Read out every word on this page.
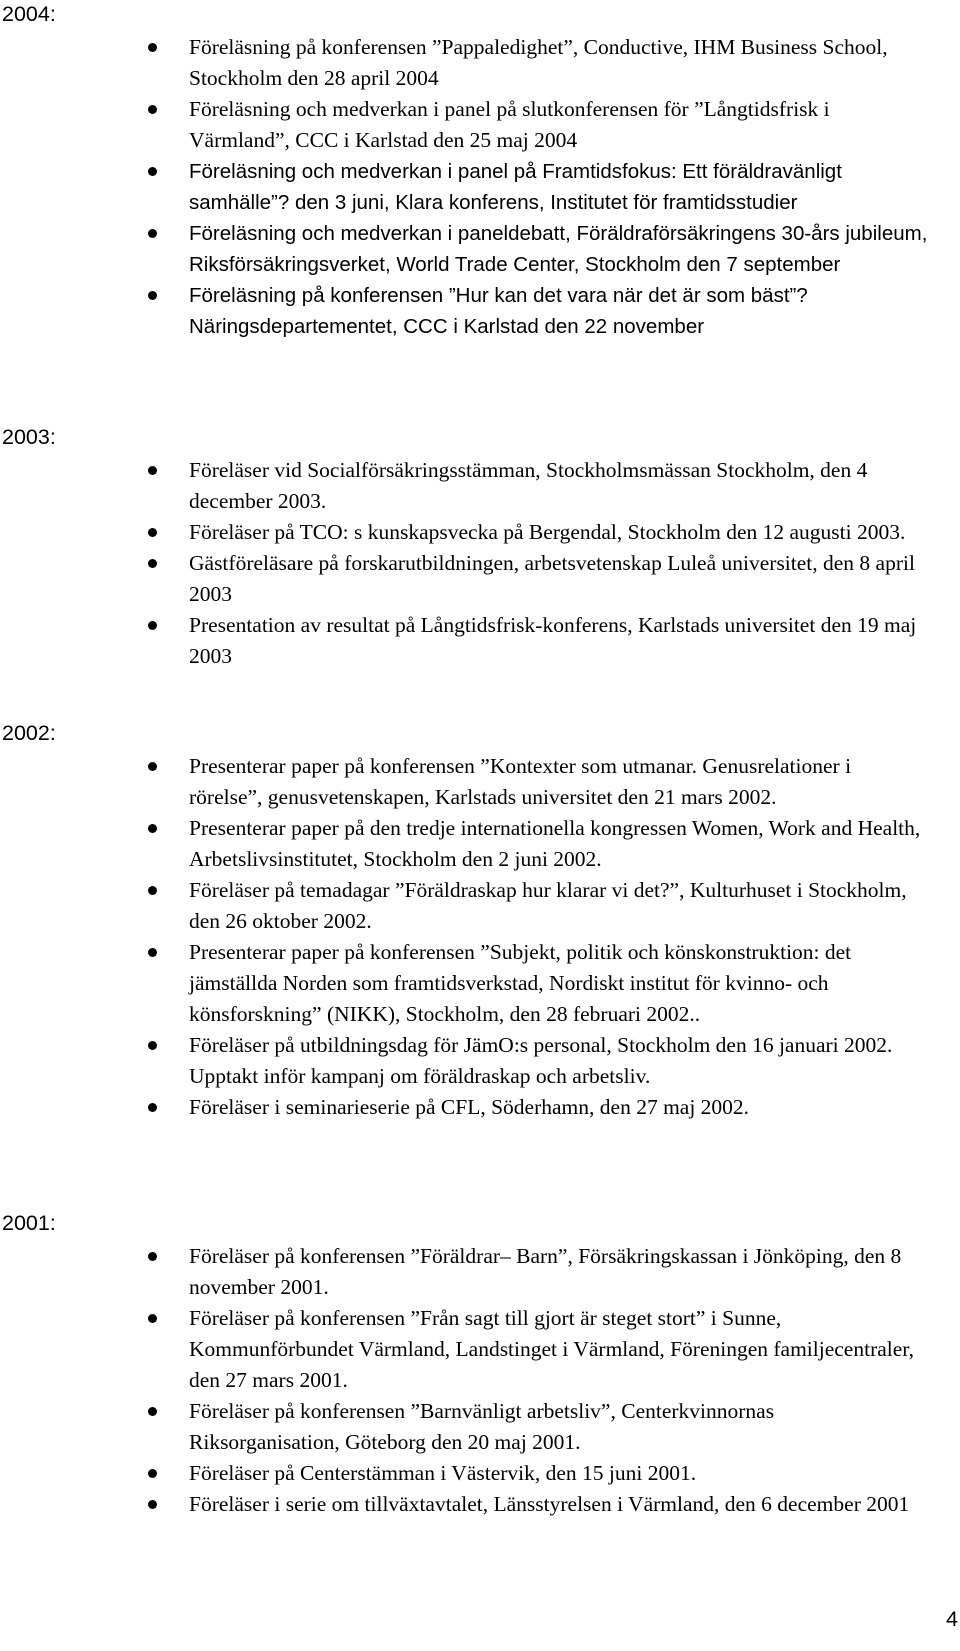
2004:

Föreläsning på konferensen ”Pappaledighet”, Conductive, IHM Business School, Stockholm den 28 april 2004
Föreläsning och medverkan i panel på slutkonferensen för ”Långtidsfrisk i Värmland”, CCC i Karlstad den 25 maj 2004
Föreläsning och medverkan i panel på Framtidsfokus: Ett föräldravänligt samhälle”? den 3 juni, Klara konferens, Institutet för framtidsstudier
Föreläsning och medverkan i paneldebatt, Föräldraförsäkringens 30-års jubileum, Riksförsäkringsverket, World Trade Center, Stockholm den 7 september
Föreläsning på konferensen ”Hur kan det vara när det är som bäst”? Näringsdepartementet, CCC i Karlstad den 22 november

2003:

Föreläser vid Socialförsäkringsstämman, Stockholmsmässan Stockholm, den 4 december 2003.
Föreläser på TCO: s kunskapsvecka på Bergendal, Stockholm den 12 augusti 2003.
Gästföreläsare på forskarutbildningen, arbetsvetenskap Luleå universitet, den 8 april 2003
Presentation av resultat på Långtidsfrisk-konferens, Karlstads universitet den 19 maj 2003

2002:

Presenterar paper på konferensen ”Kontexter som utmanar. Genusrelationer i rörelse”, genusvetenskapen, Karlstads universitet den 21 mars 2002.
Presenterar paper på den tredje internationella kongressen Women, Work and Health, Arbetslivsinstitutet, Stockholm den 2 juni 2002.
Föreläser på temadagar ”Föräldraskap hur klarar vi det?”, Kulturhuset i Stockholm, den 26 oktober 2002.
Presenterar paper på konferensen ”Subjekt, politik och könskonstruktion: det jämställda Norden som framtidsverkstad, Nordiskt institut för kvinno- och könsforskning” (NIKK), Stockholm, den 28 februari 2002..
Föreläser på utbildningsdag för JämO:s personal, Stockholm den 16 januari 2002. Upptakt inför kampanj om föräldraskap och arbetsliv.
Föreläser i seminarieserie på CFL, Söderhamn, den 27 maj 2002.

2001:

Föreläser på konferensen ”Föräldrar– Barn”, Försäkringskassan i Jönköping, den 8 november 2001.
Föreläser på konferensen ”Från sagt till gjort är steget stort” i Sunne, Kommunförbundet Värmland, Landstinget i Värmland, Föreningen familjecentraler, den 27 mars 2001.
Föreläser på konferensen ”Barnvänligt arbetsliv”, Centerkvinnornas Riksorganisation, Göteborg den 20 maj 2001.
Föreläser på Centerstämman i Västervik, den 15 juni 2001.
Föreläser i serie om tillväxtavtalet, Länsstyrelsen i Värmland, den 6 december 2001

4
